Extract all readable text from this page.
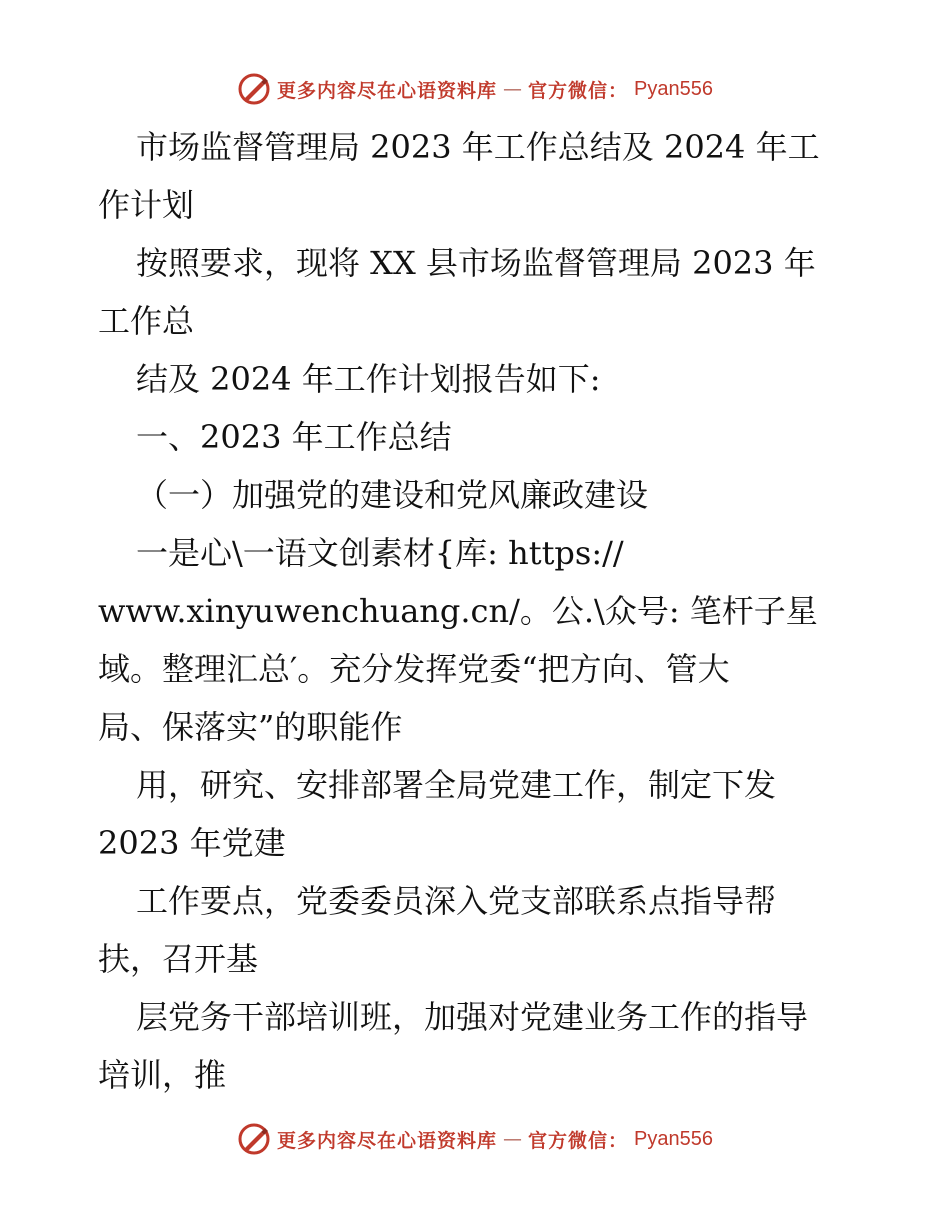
更多内容尽在心语资料库 — 官方微信： Pyan556

市场监督管理局 2023 年工作总结及 2024 年工

作计划

按照要求，现将 XX 县市场监督管理局 2023 年

工作总

结及 2024 年工作计划报告如下:

一、2023 年工作总结

（一）加强党的建设和党风廉政建设

一是心\一语文创素材{库: https://

www.xinyuwenchuang.cn/。公.\众号: 笔杆子星

域。整理汇总′。充分发挥党委“把方向、管大

局、保落实”的职能作

用，研究、安排部署全局党建工作，制定下发

2023 年党建

工作要点，党委委员深入党支部联系点指导帮

扶，召开基

层党务干部培训班，加强对党建业务工作的指导

培训，推

更多内容尽在心语资料库 — 官方微信： Pyan556
